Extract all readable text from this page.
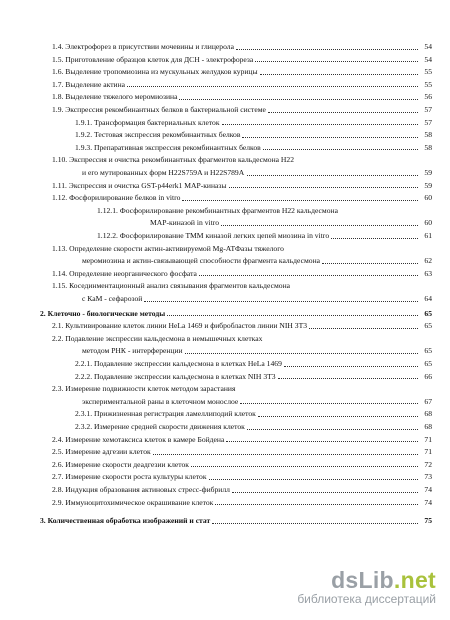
1.4. Электрофорез в присутствии мочевины и глицерола	54
1.5. Приготовление образцов клеток для ДСН - электрофореза	54
1.6. Выделение тропомиозина из мускульных желудков курицы	55
1.7. Выделение актина	55
1.8. Выделение тяжелого меромиозина	56
1.9. Экспрессия рекомбинантных белков в бактериальной системе	57
1.9.1. Трансформация бактериальных клеток	57
1.9.2. Тестовая экспрессия рекомбинантных белков	58
1.9.3. Препаративная экспрессия рекомбинантных белков	58
1.10. Экспрессия и очистка рекомбинантных фрагментов кальдесмона Н22
и его мутированных форм Н22S759A и Н22S789A	59
1.11. Экспрессия и очистка GST-p44erk1 MAP-киназы	59
1.12. Фосфорилирование белков in vitro	60
1.12.1. Фосфорилирование рекомбинантных фрагментов Н22 кальдесмона
MAP-киназой in vitro	60
1.12.2. Фосфорилирование ТММ киназой легких цепей миозина in vitro	61
1.13. Определение скорости актин-активируемой Mg-АТФазы тяжелого
меромиозина и актин-связывающей способности фрагмента кальдесмона	62
1.14. Определение неорганического фосфата	63
1.15. Косединментационный анализ связывания фрагментов кальдесмона
с КаМ - сефарозой	64
2. Клеточно - биологические методы	65
2.1. Культивирование клеток линии HeLa 1469 и фибробластов линии NIH 3Т3	65
2.2. Подавление экспрессии кальдесмона в немышечных клетках
методом РНК - интерференции	65
2.2.1. Подавление экспрессии кальдесмона в клетках HeLa 1469	65
2.2.2. Подавление экспрессии кальдесмона в клетках NIH 3Т3	66
2.3. Измерение подвижности клеток методом зарастания
экспериментальной раны в клеточном монослое	67
2.3.1. Прижизненная регистрация ламеллиподий клеток	68
2.3.2. Измерение средней скорости движения клеток	68
2.4. Измерение хемотаксиса клеток в камере Бойдена	71
2.5. Измерение адгезии клеток	71
2.6. Измерение скорости деадгезии клеток	72
2.7. Измерение скорости роста культуры клеток	73
2.8. Индукция образования актиновых стресс-фибрилл	74
2.9. Иммуноцитохимическое окрашивание клеток	74
3. Количественная обработка изображений и стат	75
dsLib.net
библиотека диссертаций
